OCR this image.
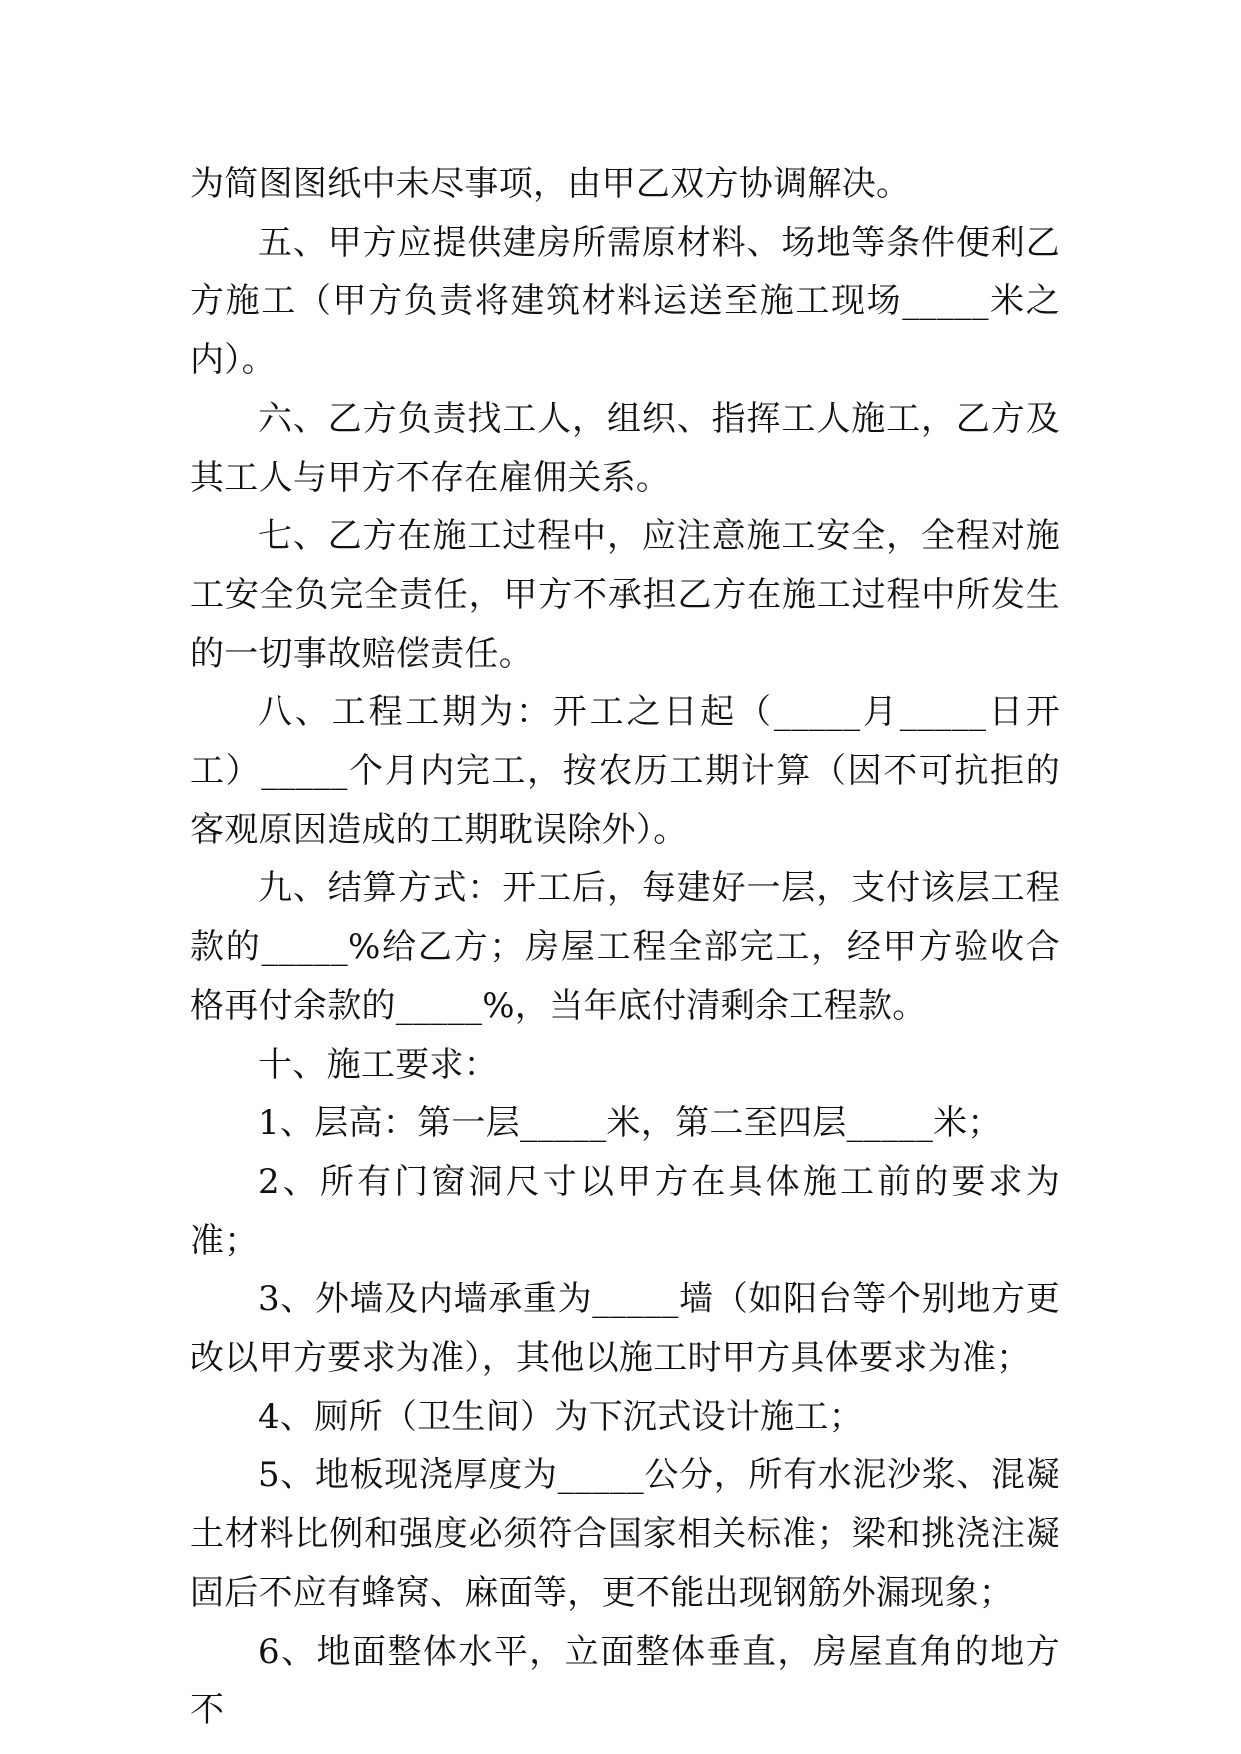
为简图图纸中未尽事项，由甲乙双方协调解决。

五、甲方应提供建房所需原材料、场地等条件便利乙方施工（甲方负责将建筑材料运送至施工现场_____米之内）。

六、乙方负责找工人，组织、指挥工人施工，乙方及其工人与甲方不存在雇佣关系。

七、乙方在施工过程中，应注意施工安全，全程对施工安全负完全责任，甲方不承担乙方在施工过程中所发生的一切事故赔偿责任。

八、工程工期为：开工之日起（_____月_____日开工）_____个月内完工，按农历工期计算（因不可抗拒的客观原因造成的工期耽误除外）。

九、结算方式：开工后，每建好一层，支付该层工程款的_____%给乙方；房屋工程全部完工，经甲方验收合格再付余款的_____%，当年底付清剩余工程款。

十、施工要求：

1、层高：第一层_____米，第二至四层_____米；

2、所有门窗洞尺寸以甲方在具体施工前的要求为准；

3、外墙及内墙承重为_____墙（如阳台等个别地方更改以甲方要求为准），其他以施工时甲方具体要求为准；

4、厕所（卫生间）为下沉式设计施工；

5、地板现浇厚度为_____公分，所有水泥沙浆、混凝土材料比例和强度必须符合国家相关标准；梁和挑浇注凝固后不应有蜂窝、麻面等，更不能出现钢筋外漏现象；

6、地面整体水平，立面整体垂直，房屋直角的地方不
